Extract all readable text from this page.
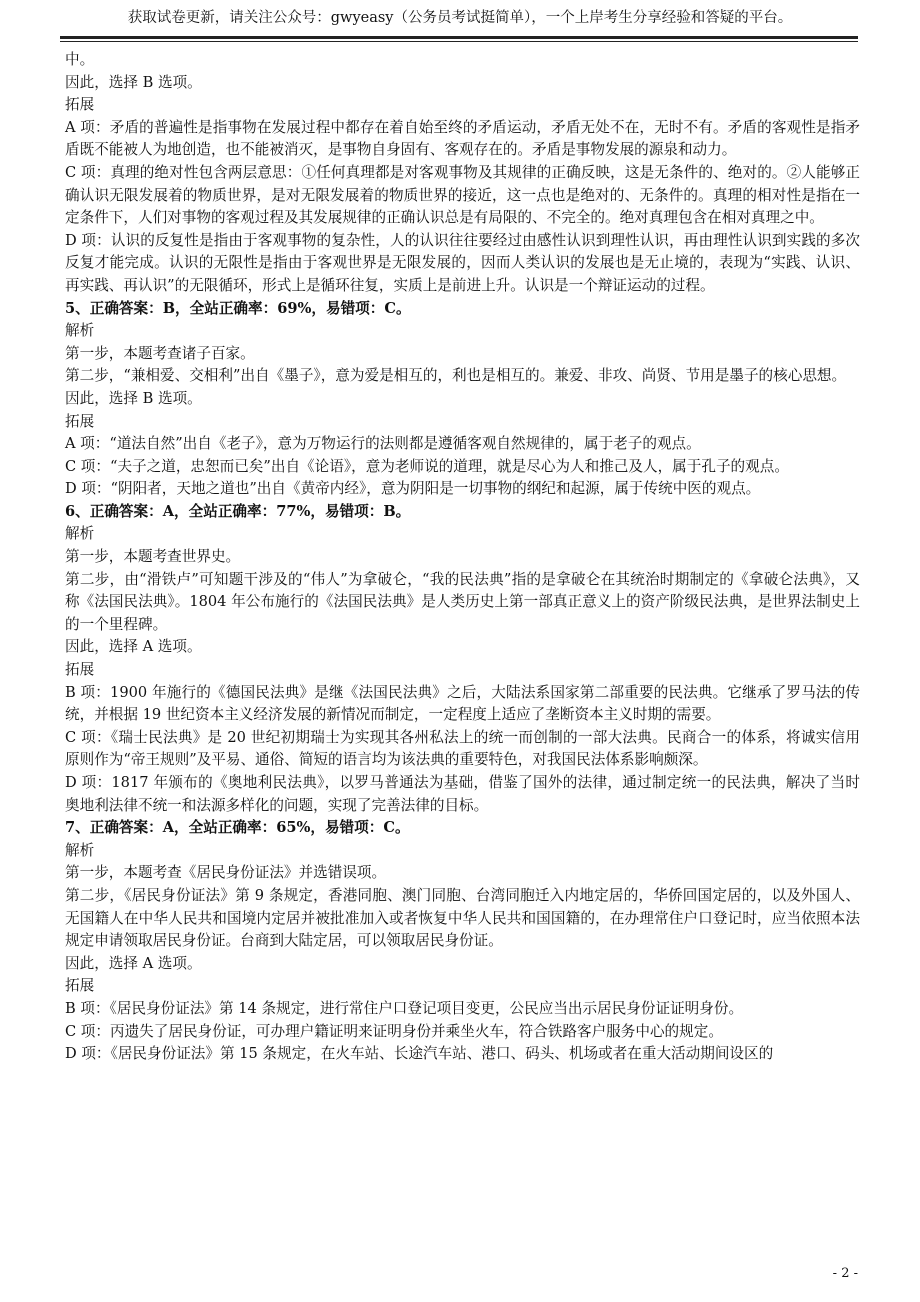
获取试卷更新，请关注公众号：gwyeasy（公务员考试挺简单），一个上岸考生分享经验和答疑的平台。

中。

因此，选择 B 选项。

拓展

A 项：矛盾的普遍性是指事物在发展过程中都存在着自始至终的矛盾运动，矛盾无处不在，无时不有。矛盾的客观性是指矛盾既不能被人为地创造，也不能被消灭，是事物自身固有、客观存在的。矛盾是事物发展的源泉和动力。

C 项：真理的绝对性包含两层意思：①任何真理都是对客观事物及其规律的正确反映，这是无条件的、绝对的。②人能够正确认识无限发展着的物质世界，是对无限发展着的物质世界的接近，这一点也是绝对的、无条件的。真理的相对性是指在一定条件下，人们对事物的客观过程及其发展规律的正确认识总是有局限的、不完全的。绝对真理包含在相对真理之中。

D 项：认识的反复性是指由于客观事物的复杂性，人的认识往往要经过由感性认识到理性认识，再由理性认识到实践的多次反复才能完成。认识的无限性是指由于客观世界是无限发展的，因而人类认识的发展也是无止境的，表现为“实践、认识、再实践、再认识”的无限循环，形式上是循环往复，实质上是前进上升。认识是一个辩证运动的过程。

5、正确答案：B，全站正确率：69%，易错项：C。

解析

第一步，本题考查诸子百家。

第二步，“兼相爱、交相利”出自《墨子》，意为爱是相互的，利也是相互的。兼爱、非攻、尚贤、节用是墨子的核心思想。

因此，选择 B 选项。

拓展

A 项：“道法自然”出自《老子》，意为万物运行的法则都是遵循客观自然规律的，属于老子的观点。

C 项：“夫子之道，忠恕而已矣”出自《论语》，意为老师说的道理，就是尽心为人和推己及人，属于孔子的观点。

D 项：“阴阳者，天地之道也”出自《黄帝内经》，意为阴阳是一切事物的纲纪和起源，属于传统中医的观点。

6、正确答案：A，全站正确率：77%，易错项：B。

解析

第一步，本题考查世界史。

第二步，由“滑铁卢”可知题干涉及的“伟人”为拿破仑，“我的民法典”指的是拿破仑在其统治时期制定的《拿破仑法典》，又称《法国民法典》。1804 年公布施行的《法国民法典》是人类历史上第一部真正意义上的资产阶级民法典，是世界法制史上的一个里程碑。

因此，选择 A 选项。

拓展

B 项：1900 年施行的《德国民法典》是继《法国民法典》之后，大陆法系国家第二部重要的民法典。它继承了罗马法的传统，并根据 19 世纪资本主义经济发展的新情况而制定，一定程度上适应了垄断资本主义时期的需要。

C 项：《瑞士民法典》是 20 世纪初期瑞士为实现其各州私法上的统一而创制的一部大法典。民商合一的体系，将诚实信用原则作为“帝王规则”及平易、通俗、简短的语言均为该法典的重要特色，对我国民法体系影响颇深。

D 项：1817 年颁布的《奥地利民法典》，以罗马普通法为基础，借鉴了国外的法律，通过制定统一的民法典，解决了当时奥地利法律不统一和法源多样化的问题，实现了完善法律的目标。

7、正确答案：A，全站正确率：65%，易错项：C。

解析

第一步，本题考查《居民身份证法》并选错误项。

第二步，《居民身份证法》第 9 条规定，香港同胞、澳门同胞、台湾同胞迁入内地定居的，华侨回国定居的，以及外国人、无国籍人在中华人民共和国境内定居并被批准加入或者恢复中华人民共和国国籍的，在办理常住户口登记时，应当依照本法规定申请领取居民身份证。台商到大陆定居，可以领取居民身份证。

因此，选择 A 选项。

拓展

B 项：《居民身份证法》第 14 条规定，进行常住户口登记项目变更，公民应当出示居民身份证证明身份。

C 项：丙遗失了居民身份证，可办理户籍证明来证明身份并乘坐火车，符合铁路客户服务中心的规定。

D 项：《居民身份证法》第 15 条规定，在火车站、长途汽车站、港口、码头、机场或者在重大活动期间设区的

- 2 -
